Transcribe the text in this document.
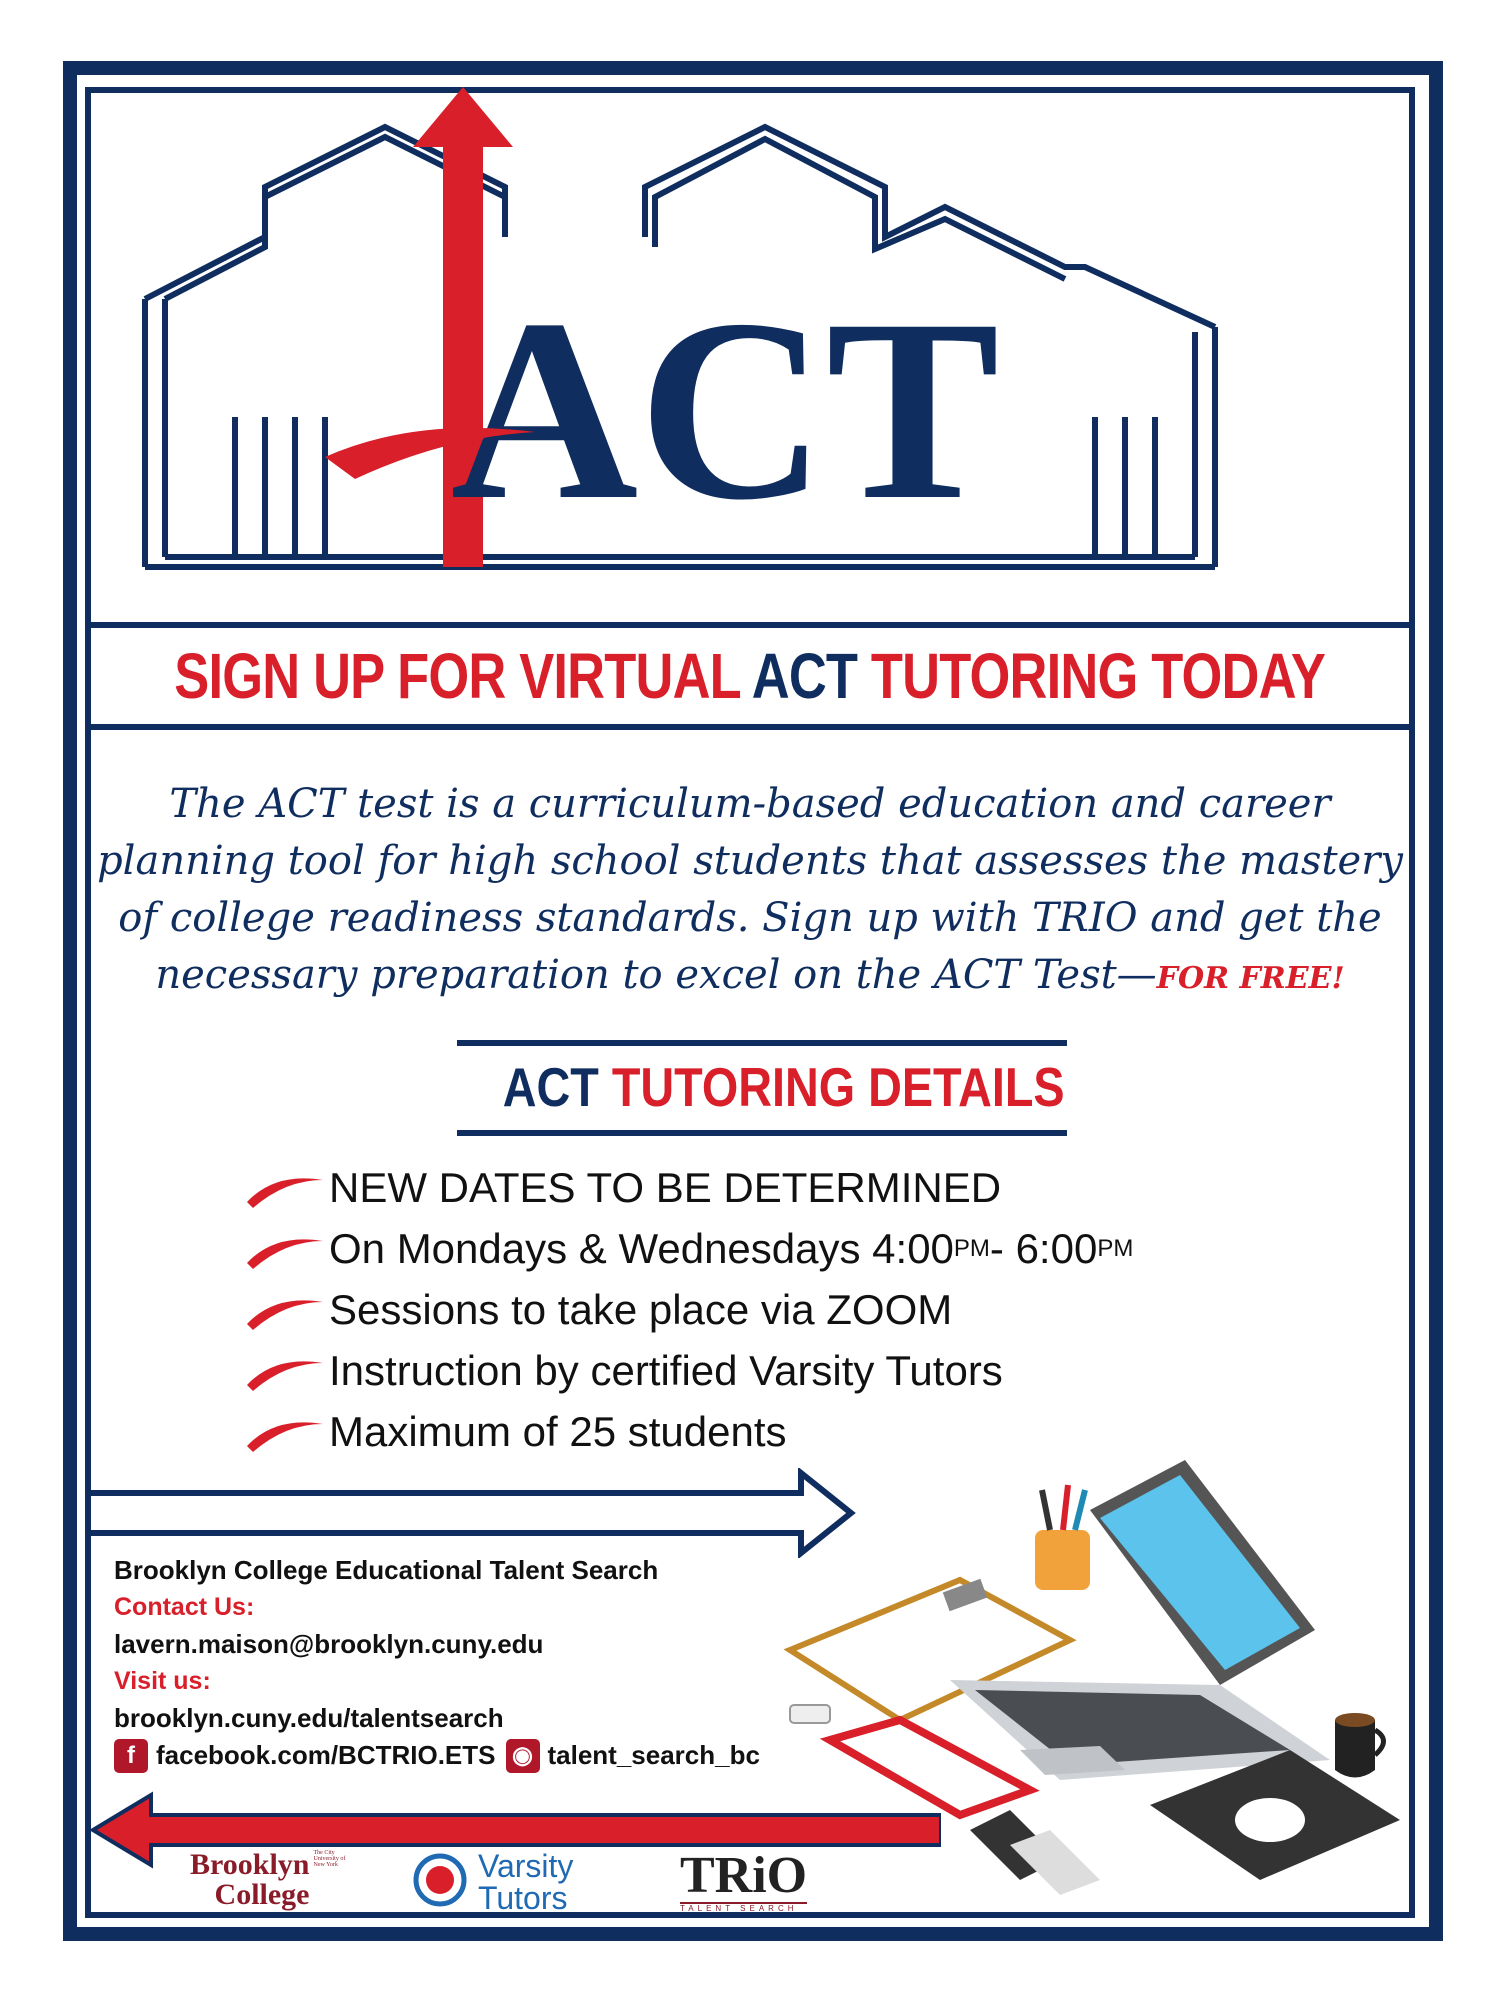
ACT
SIGN UP FOR VIRTUAL ACT TUTORING TODAY
The ACT test is a curriculum-based education and career planning tool for high school students that assesses the mastery of college readiness standards. Sign up with TRIO and get the necessary preparation to excel on the ACT Test—FOR FREE!
ACT TUTORING DETAILS
NEW DATES TO BE DETERMINED
On Mondays & Wednesdays 4:00 PM - 6:00 PM
Sessions to take place via ZOOM
Instruction by certified Varsity Tutors
Maximum of 25 students
Brooklyn College Educational Talent Search
Contact Us:
lavern.maison@brooklyn.cuny.edu
Visit us:
brooklyn.cuny.edu/talentsearch
f facebook.com/BCTRIO.ETS ◉ talent_search_bc
Brooklyn
College
The City University of New York	Varsity
Tutors TRiO
TALENT SEARCH
